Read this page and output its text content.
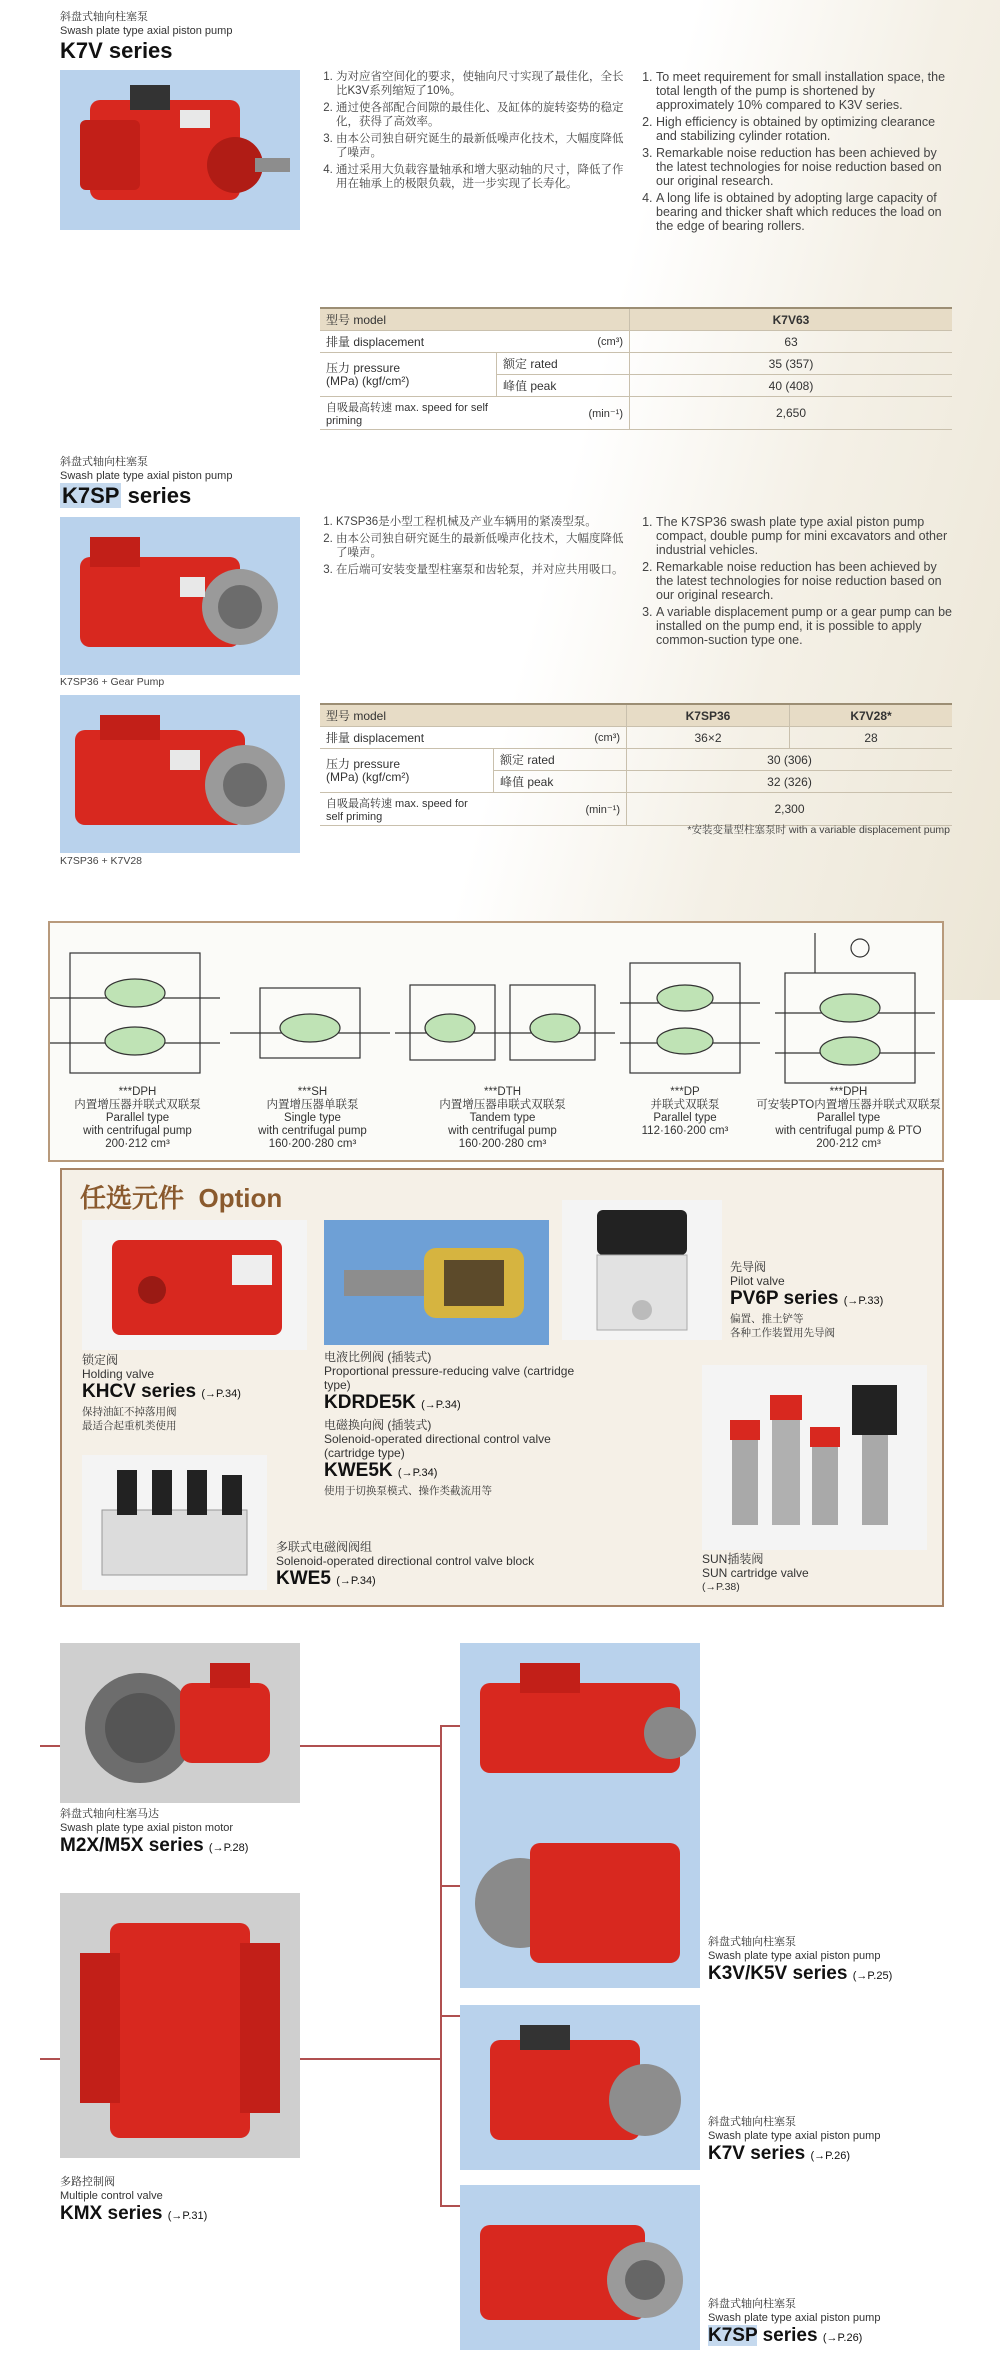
斜盘式轴向柱塞泵
Swash plate type axial piston pump
K7V series
1. 为对应省空间化的要求，使轴向尺寸实现了最佳化，全长比K3V系列缩短了10%。
2. 通过使各部配合间隙的最佳化、及缸体的旋转姿势的稳定化，获得了高效率。
3. 由本公司独自研究诞生的最新低噪声化技术，大幅度降低了噪声。
4. 通过采用大负载容量轴承和增大驱动轴的尺寸，降低了作用在轴承上的极限负载，进一步实现了长寿化。
1. To meet requirement for small installation space, the total length of the pump is shortened by approximately 10% compared to K3V series.
2. High efficiency is obtained by optimizing clearance and stabilizing cylinder rotation.
3. Remarkable noise reduction has been achieved by the latest technologies for noise reduction based on our original research.
4. A long life is obtained by adopting large capacity of bearing and thicker shaft which reduces the load on the edge of bearing rollers.
型号 model		K7V63
排量 displacement	(cm³)	63

压力 pressure
(MPa) (kgf/cm²)	额定 rated	35 (357)
	峰值 peak	40 (408)
自吸最高转速 max. speed for self priming	(min⁻¹)	2,650
斜盘式轴向柱塞泵
Swash plate type axial piston pump
K7SP series
K7SP36 + Gear Pump
K7SP36 + K7V28
1. K7SP36是小型工程机械及产业车辆用的紧凑型泵。
2. 由本公司独自研究诞生的最新低噪声化技术，大幅度降低了噪声。
3. 在后端可安装变量型柱塞泵和齿轮泵，并对应共用吸口。
1. The K7SP36 swash plate type axial piston pump compact, double pump for mini excavators and other industrial vehicles.
2. Remarkable noise reduction has been achieved by the latest technologies for noise reduction based on our original research.
3. A variable displacement pump or a gear pump can be installed on the pump end, it is possible to apply common-suction type one.
型号 model		K7SP36	K7V28*
排量 displacement	(cm³)	36×2	28

压力 pressure
(MPa) (kgf/cm²)	额定 rated	30 (306)	
	峰值 peak	32 (326)	
自吸最高转速 max. speed for self priming	(min⁻¹)	2,300	
*安装变量型柱塞泵时 with a variable displacement pump
***DPH
内置增压器并联式双联泵
Parallel type
with centrifugal pump
200·212 cm³
***SH
内置增压器单联泵
Single type
with centrifugal pump
160·200·280 cm³
***DTH
内置增压器串联式双联泵
Tandem type
with centrifugal pump
160·200·280 cm³
***DP
并联式双联泵
Parallel type
112·160·200 cm³
***DPH
可安装PTO内置增压器并联式双联泵
Parallel type
with centrifugal pump & PTO
200·212 cm³
任选元件 Option
锁定阀
Holding valve
KHCV series (→P.34)
保持油缸不掉落用阀
最适合起重机类使用
电液比例阀 (插装式)
Proportional pressure-reducing valve (cartridge type)
KDRDE5K (→P.34)
电磁换向阀 (插装式)
Solenoid-operated directional control valve (cartridge type)
KWE5K (→P.34)
使用于切换泵模式、操作类截流用等
先导阀
Pilot valve
PV6P series (→P.33)
偏置、推土铲等
各种工作装置用先导阀
多联式电磁阀阀组
Solenoid-operated directional control valve block
KWE5 (→P.34)
SUN插装阀
SUN cartridge valve
(→P.38)
斜盘式轴向柱塞马达
Swash plate type axial piston motor
M2X/M5X series (→P.28)
多路控制阀
Multiple control valve
KMX series (→P.31)
斜盘式轴向柱塞泵
Swash plate type axial piston pump
K3V/K5V series (→P.25)
斜盘式轴向柱塞泵
Swash plate type axial piston pump
K7V series (→P.26)
斜盘式轴向柱塞泵
Swash plate type axial piston pump
K7SP series (→P.26)
